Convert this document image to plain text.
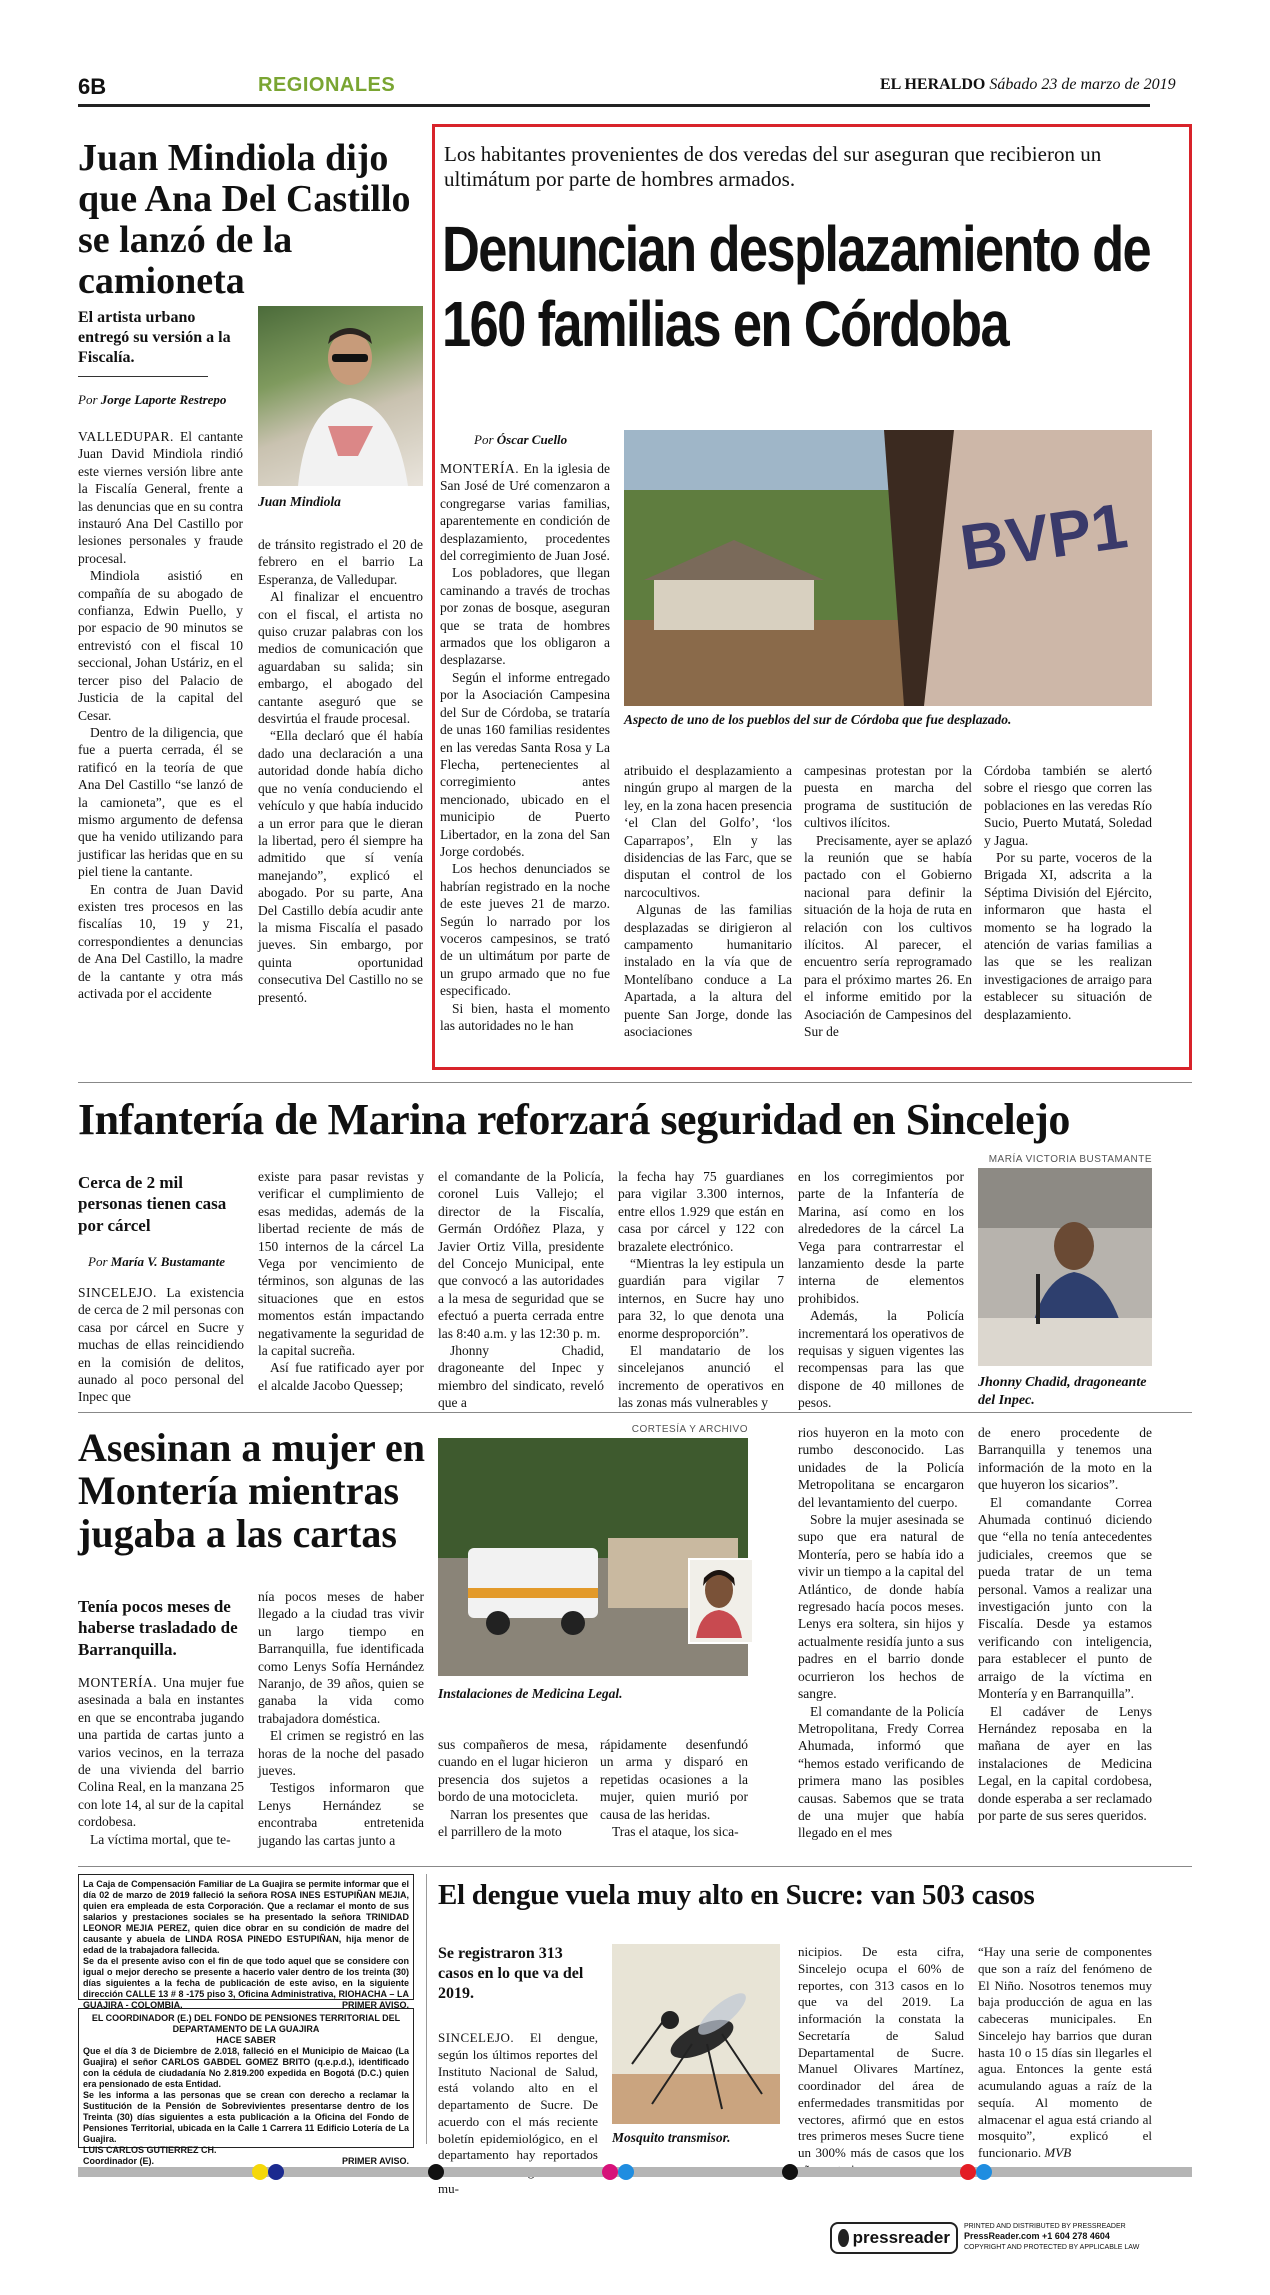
6B	REGIONALES	EL HERALDO Sábado 23 de marzo de 2019
Juan Mindiola dijo que Ana Del Castillo se lanzó de la camioneta
El artista urbano entregó su versión a la Fiscalía.
Por Jorge Laporte Restrepo
Juan Mindiola

VALLEDUPAR. El cantante Juan David Mindiola rindió este viernes versión libre ante la Fiscalía General, frente a las denuncias que en su contra instauró Ana Del Castillo por lesiones personales y fraude procesal.

Mindiola asistió en compañía de su abogado de confianza, Edwin Puello, y por espacio de 90 minutos se entrevistó con el fiscal 10 seccional, Johan Ustáriz, en el tercer piso del Palacio de Justicia de la capital del Cesar.

Dentro de la diligencia, que fue a puerta cerrada, él se ratificó en la teoría de que Ana Del Castillo “se lanzó de la camioneta”, que es el mismo argumento de defensa que ha venido utilizando para justificar las heridas que en su piel tiene la cantante.

En contra de Juan David existen tres procesos en las fiscalías 10, 19 y 21, correspondientes a denuncias de Ana Del Castillo, la madre de la cantante y otra más activada por el accidente

de tránsito registrado el 20 de febrero en el barrio La Esperanza, de Valledupar.

Al finalizar el encuentro con el fiscal, el artista no quiso cruzar palabras con los medios de comunicación que aguardaban su salida; sin embargo, el abogado del cantante aseguró que se desvirtúa el fraude procesal.

“Ella declaró que él había dado una declaración a una autoridad donde había dicho que no venía conduciendo el vehículo y que había inducido a un error para que le dieran la libertad, pero él siempre ha admitido que sí venía manejando”, explicó el abogado. Por su parte, Ana Del Castillo debía acudir ante la misma Fiscalía el pasado jueves. Sin embargo, por quinta oportunidad consecutiva Del Castillo no se presentó.

Los habitantes provenientes de dos veredas del sur aseguran que recibieron un ultimátum por parte de hombres armados.
Denuncian desplazamiento de 160 familias en Córdoba
Por Óscar Cuello
BVP1
Aspecto de uno de los pueblos del sur de Córdoba que fue desplazado.

MONTERÍA. En la iglesia de San José de Uré comenzaron a congregarse varias familias, aparentemente en condición de desplazamiento, procedentes del corregimiento de Juan José.

Los pobladores, que llegan caminando a través de trochas por zonas de bosque, aseguran que se trata de hombres armados que los obligaron a desplazarse.

Según el informe entregado por la Asociación Campesina del Sur de Córdoba, se trataría de unas 160 familias residentes en las veredas Santa Rosa y La Flecha, pertenecientes al corregimiento antes mencionado, ubicado en el municipio de Puerto Libertador, en la zona del San Jorge cordobés.

Los hechos denunciados se habrían registrado en la noche de este jueves 21 de marzo. Según lo narrado por los voceros campesinos, se trató de un ultimátum por parte de un grupo armado que no fue especificado.

Si bien, hasta el momento las autoridades no le han

atribuido el desplazamiento a ningún grupo al margen de la ley, en la zona hacen presencia ‘el Clan del Golfo’, ‘los Caparrapos’, Eln y las disidencias de las Farc, que se disputan el control de los narcocultivos.

Algunas de las familias desplazadas se dirigieron al campamento humanitario instalado en la vía que de Montelíbano conduce a La Apartada, a la altura del puente San Jorge, donde las asociaciones

campesinas protestan por la puesta en marcha del programa de sustitución de cultivos ilícitos.

Precisamente, ayer se aplazó la reunión que se había pactado con el Gobierno nacional para definir la situación de la hoja de ruta en relación con los cultivos ilícitos. Al parecer, el encuentro sería reprogramado para el próximo martes 26. En el informe emitido por la Asociación de Campesinos del Sur de

Córdoba también se alertó sobre el riesgo que corren las poblaciones en las veredas Río Sucio, Puerto Mutatá, Soledad y Jagua.

Por su parte, voceros de la Brigada XI, adscrita a la Séptima División del Ejército, informaron que hasta el momento se ha logrado la atención de varias familias a las que se les realizan investigaciones de arraigo para establecer su situación de desplazamiento.

Infantería de Marina reforzará seguridad en Sincelejo
Cerca de 2 mil personas tienen casa por cárcel
Por María V. Bustamante

SINCELEJO. La existencia de cerca de 2 mil personas con casa por cárcel en Sucre y muchas de ellas reincidiendo en la comisión de delitos, aunado al poco personal del Inpec que

existe para pasar revistas y verificar el cumplimiento de esas medidas, además de la libertad reciente de más de 150 internos de la cárcel La Vega por vencimiento de términos, son algunas de las situaciones que en estos momentos están impactando negativamente la seguridad de la capital sucreña.

Así fue ratificado ayer por el alcalde Jacobo Quessep;

el comandante de la Policía, coronel Luis Vallejo; el director de la Fiscalía, Germán Ordóñez Plaza, y Javier Ortiz Villa, presidente del Concejo Municipal, ente que convocó a las autoridades a la mesa de seguridad que se efectuó a puerta cerrada entre las 8:40 a.m. y las 12:30 p. m.

Jhonny Chadid, dragoneante del Inpec y miembro del sindicato, reveló que a

la fecha hay 75 guardianes para vigilar 3.300 internos, entre ellos 1.929 que están en casa por cárcel y 122 con brazalete electrónico.

“Mientras la ley estipula un guardián para vigilar 7 internos, en Sucre hay uno para 32, lo que denota una enorme desproporción”.

El mandatario de los sincelejanos anunció el incremento de operativos en las zonas más vulnerables y

en los corregimientos por parte de la Infantería de Marina, así como en los alrededores de la cárcel La Vega para contrarrestar el lanzamiento desde la parte interna de elementos prohibidos.

Además, la Policía incrementará los operativos de requisas y siguen vigentes las recompensas para las que dispone de 40 millones de pesos.

MARÍA VICTORIA BUSTAMANTE
Jhonny Chadid, dragoneante del Inpec.
Asesinan a mujer en Montería mientras jugaba a las cartas
Tenía pocos meses de haberse trasladado de Barranquilla.
CORTESÍA Y ARCHIVO
Instalaciones de Medicina Legal.

MONTERÍA. Una mujer fue asesinada a bala en instantes en que se encontraba jugando una partida de cartas junto a varios vecinos, en la terraza de una vivienda del barrio Colina Real, en la manzana 25 con lote 14, al sur de la capital cordobesa.

La víctima mortal, que te-

nía pocos meses de haber llegado a la ciudad tras vivir un largo tiempo en Barranquilla, fue identificada como Lenys Sofía Hernández Naranjo, de 39 años, quien se ganaba la vida como trabajadora doméstica.

El crimen se registró en las horas de la noche del pasado jueves.

Testigos informaron que Lenys Hernández se encontraba entretenida jugando las cartas junto a

sus compañeros de mesa, cuando en el lugar hicieron presencia dos sujetos a bordo de una motocicleta.

Narran los presentes que el parrillero de la moto

rápidamente desenfundó un arma y disparó en repetidas ocasiones a la mujer, quien murió por causa de las heridas.

Tras el ataque, los sica-

rios huyeron en la moto con rumbo desconocido. Las unidades de la Policía Metropolitana se encargaron del levantamiento del cuerpo.

Sobre la mujer asesinada se supo que era natural de Montería, pero se había ido a vivir un tiempo a la capital del Atlántico, de donde había regresado hacía pocos meses. Lenys era soltera, sin hijos y actualmente residía junto a sus padres en el barrio donde ocurrieron los hechos de sangre.

El comandante de la Policía Metropolitana, Fredy Correa Ahumada, informó que “hemos estado verificando de primera mano las posibles causas. Sabemos que se trata de una mujer que había llegado en el mes

de enero procedente de Barranquilla y tenemos una información de la moto en la que huyeron los sicarios”.

El comandante Correa Ahumada continuó diciendo que “ella no tenía antecedentes judiciales, creemos que se pueda tratar de un tema personal. Vamos a realizar una investigación junto con la Fiscalía. Desde ya estamos verificando con inteligencia, para establecer el punto de arraigo de la víctima en Montería y en Barranquilla”.

El cadáver de Lenys Hernández reposaba en la mañana de ayer en las instalaciones de Medicina Legal, en la capital cordobesa, donde esperaba a ser reclamado por parte de sus seres queridos.

La Caja de Compensación Familiar de La Guajira se permite informar que el día 02 de marzo de 2019 falleció la señora ROSA INES ESTUPIÑAN MEJIA, quien era empleada de esta Corporación. Que a reclamar el monto de sus salarios y prestaciones sociales se ha presentado la señora TRINIDAD LEONOR MEJIA PEREZ, quien dice obrar en su condición de madre del causante y abuela de LINDA ROSA PINEDO ESTUPIÑAN, hija menor de edad de la trabajadora fallecida.

Se da el presente aviso con el fin de que todo aquel que se considere con igual o mejor derecho se presente a hacerlo valer dentro de los treinta (30) días siguientes a la fecha de publicación de este aviso, en la siguiente dirección CALLE 13 # 8 -175 piso 3, Oficina Administrativa, RIOHACHA – LA GUAJIRA - COLOMBIA.	PRIMER AVISO.

EL COORDINADOR (E.) DEL FONDO DE PENSIONES TERRITORIAL DEL DEPARTAMENTO DE LA GUAJIRA

HACE SABER

Que el día 3 de Diciembre de 2.018, falleció en el Municipio de Maicao (La Guajira) el señor CARLOS GABDEL GOMEZ BRITO (q.e.p.d.), identificado con la cédula de ciudadanía No 2.819.200 expedida en Bogotá (D.C.) quien era pensionado de esta Entidad.

Se les informa a las personas que se crean con derecho a reclamar la Sustitución de la Pensión de Sobrevivientes presentarse dentro de los Treinta (30) días siguientes a esta publicación a la Oficina del Fondo de Pensiones Territorial, ubicada en la Calle 1 Carrera 11 Edificio Lotería de La Guajira.

LUIS CARLOS GUTIERREZ CH.

Coordinador (E).	PRIMER AVISO.

El dengue vuela muy alto en Sucre: van 503 casos
Se registraron 313 casos en lo que va del 2019.

SINCELEJO. El dengue, según los últimos reportes del Instituto Nacional de Salud, está volando alto en el departamento de Sucre. De acuerdo con el más reciente boletín epidemiológico, en el departamento hay reportados mu-

Mosquito transmisor.

nicipios. De esta cifra, Sincelejo ocupa el 60% de reportes, con 313 casos en lo que va del 2019. La información la constata la Secretaría de Salud Departamental de Sucre. Manuel Olivares Martínez, coordinador del área de enfermedades transmitidas por vectores, afirmó que en estos tres primeros meses Sucre tiene un 300% más de casos que los

“Hay una serie de componentes que son a raíz del fenómeno de El Niño. Nosotros tenemos muy baja producción de agua en las cabeceras municipales. En Sincelejo hay barrios que duran hasta 10 o 15 días sin llegarles el agua. Entonces la gente está acumulando aguas a raíz de la sequía. Al momento de almacenar el agua está criando al mosquito”, explicó el funcionario. MVB

pressreader
PRINTED AND DISTRIBUTED BY PRESSREADER
PressReader.com +1 604 278 4604
COPYRIGHT AND PROTECTED BY APPLICABLE LAW
